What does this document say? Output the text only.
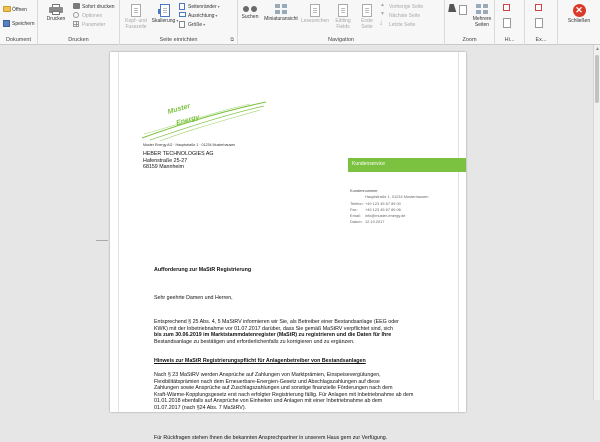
Öffnen
Speichern
Dokument
Drucken
Sofort drucken
Optionen
Parameter
Drucken
Kopf- und Fusszeile
Skalierung▾
Seitenränder ▾
Ausrichtung ▾
Größe ▾
Seite einrichten	⧉
Suchen Miniaturansicht Lesezeichen	Editing Fields
Erste Seite
▲ Vorherige Seite
▼ Nächste Seite
⤓	Letzte Seite
Navigation
Mehrere Seiten
Zoom	Hi...	Ex...
✕
Schließen
Muster
Energy
Muster Energy AG · Hauptstraße 1 · 01234 Musterhausen
HEBER TECHNOLOGIES AG
Hafenstraße 25-27
68159 Mannheim
Kundenservice
Kundennummer
Hauptstraße 1, 01234 Musterhausen
Telefon: +49 123 45 67 89 00
Fax:	+49 123 45 67 89 06
Email:	info@muster-energy.de
Datum: 12.10.2017
Aufforderung zur MaStR Registrierung
Sehr geehrte Damen und Herren,
Entsprechend § 25 Abs. 4, 5 MaStRV informieren wir Sie, als Betreiber einer Bestandsanlage (EEG oder
KWK) mit der Inbetriebnahme vor 01.07.2017 darüber, dass Sie gemäß MaStRV verpflichtet sind, sich
bis zum 30.06.2019 im Marktstammdatenregister (MaStR) zu registrieren und die Daten für Ihre
Bestandsanlage zu bestätigen und erforderlichenfalls zu korrigieren und zu ergänzen.
Hinweis zur MaStR Registrierungspflicht für Anlagenbetreiber von Bestandsanlagen
Nach § 23 MaStRV werden Ansprüche auf Zahlungen von Marktprämien, Einspeisevergütungen,
Flexibilitätsprämien nach dem Erneuerbare-Energien-Gesetz und Abschlagszahlungen auf diese
Zahlungen sowie Ansprüche auf Zuschlagszahlungen und sonstige finanzielle Förderungen nach dem
Kraft-Wärme-Kopplungsgesetz erst nach erfolgter Registrierung fällig. Für Anlagen mit Inbetriebnahme ab dem
01.01.2018 ebenfalls auf Ansprüche von Einheiten und Anlagen mit einer Inbetriebnahme ab dem
01.07.2017 (nach §24 Abs. 7 MaStRV).
Für Rückfragen stehen Ihnen die bekannten Ansprechpartner in unserem Haus gern zur Verfügung.
▲
